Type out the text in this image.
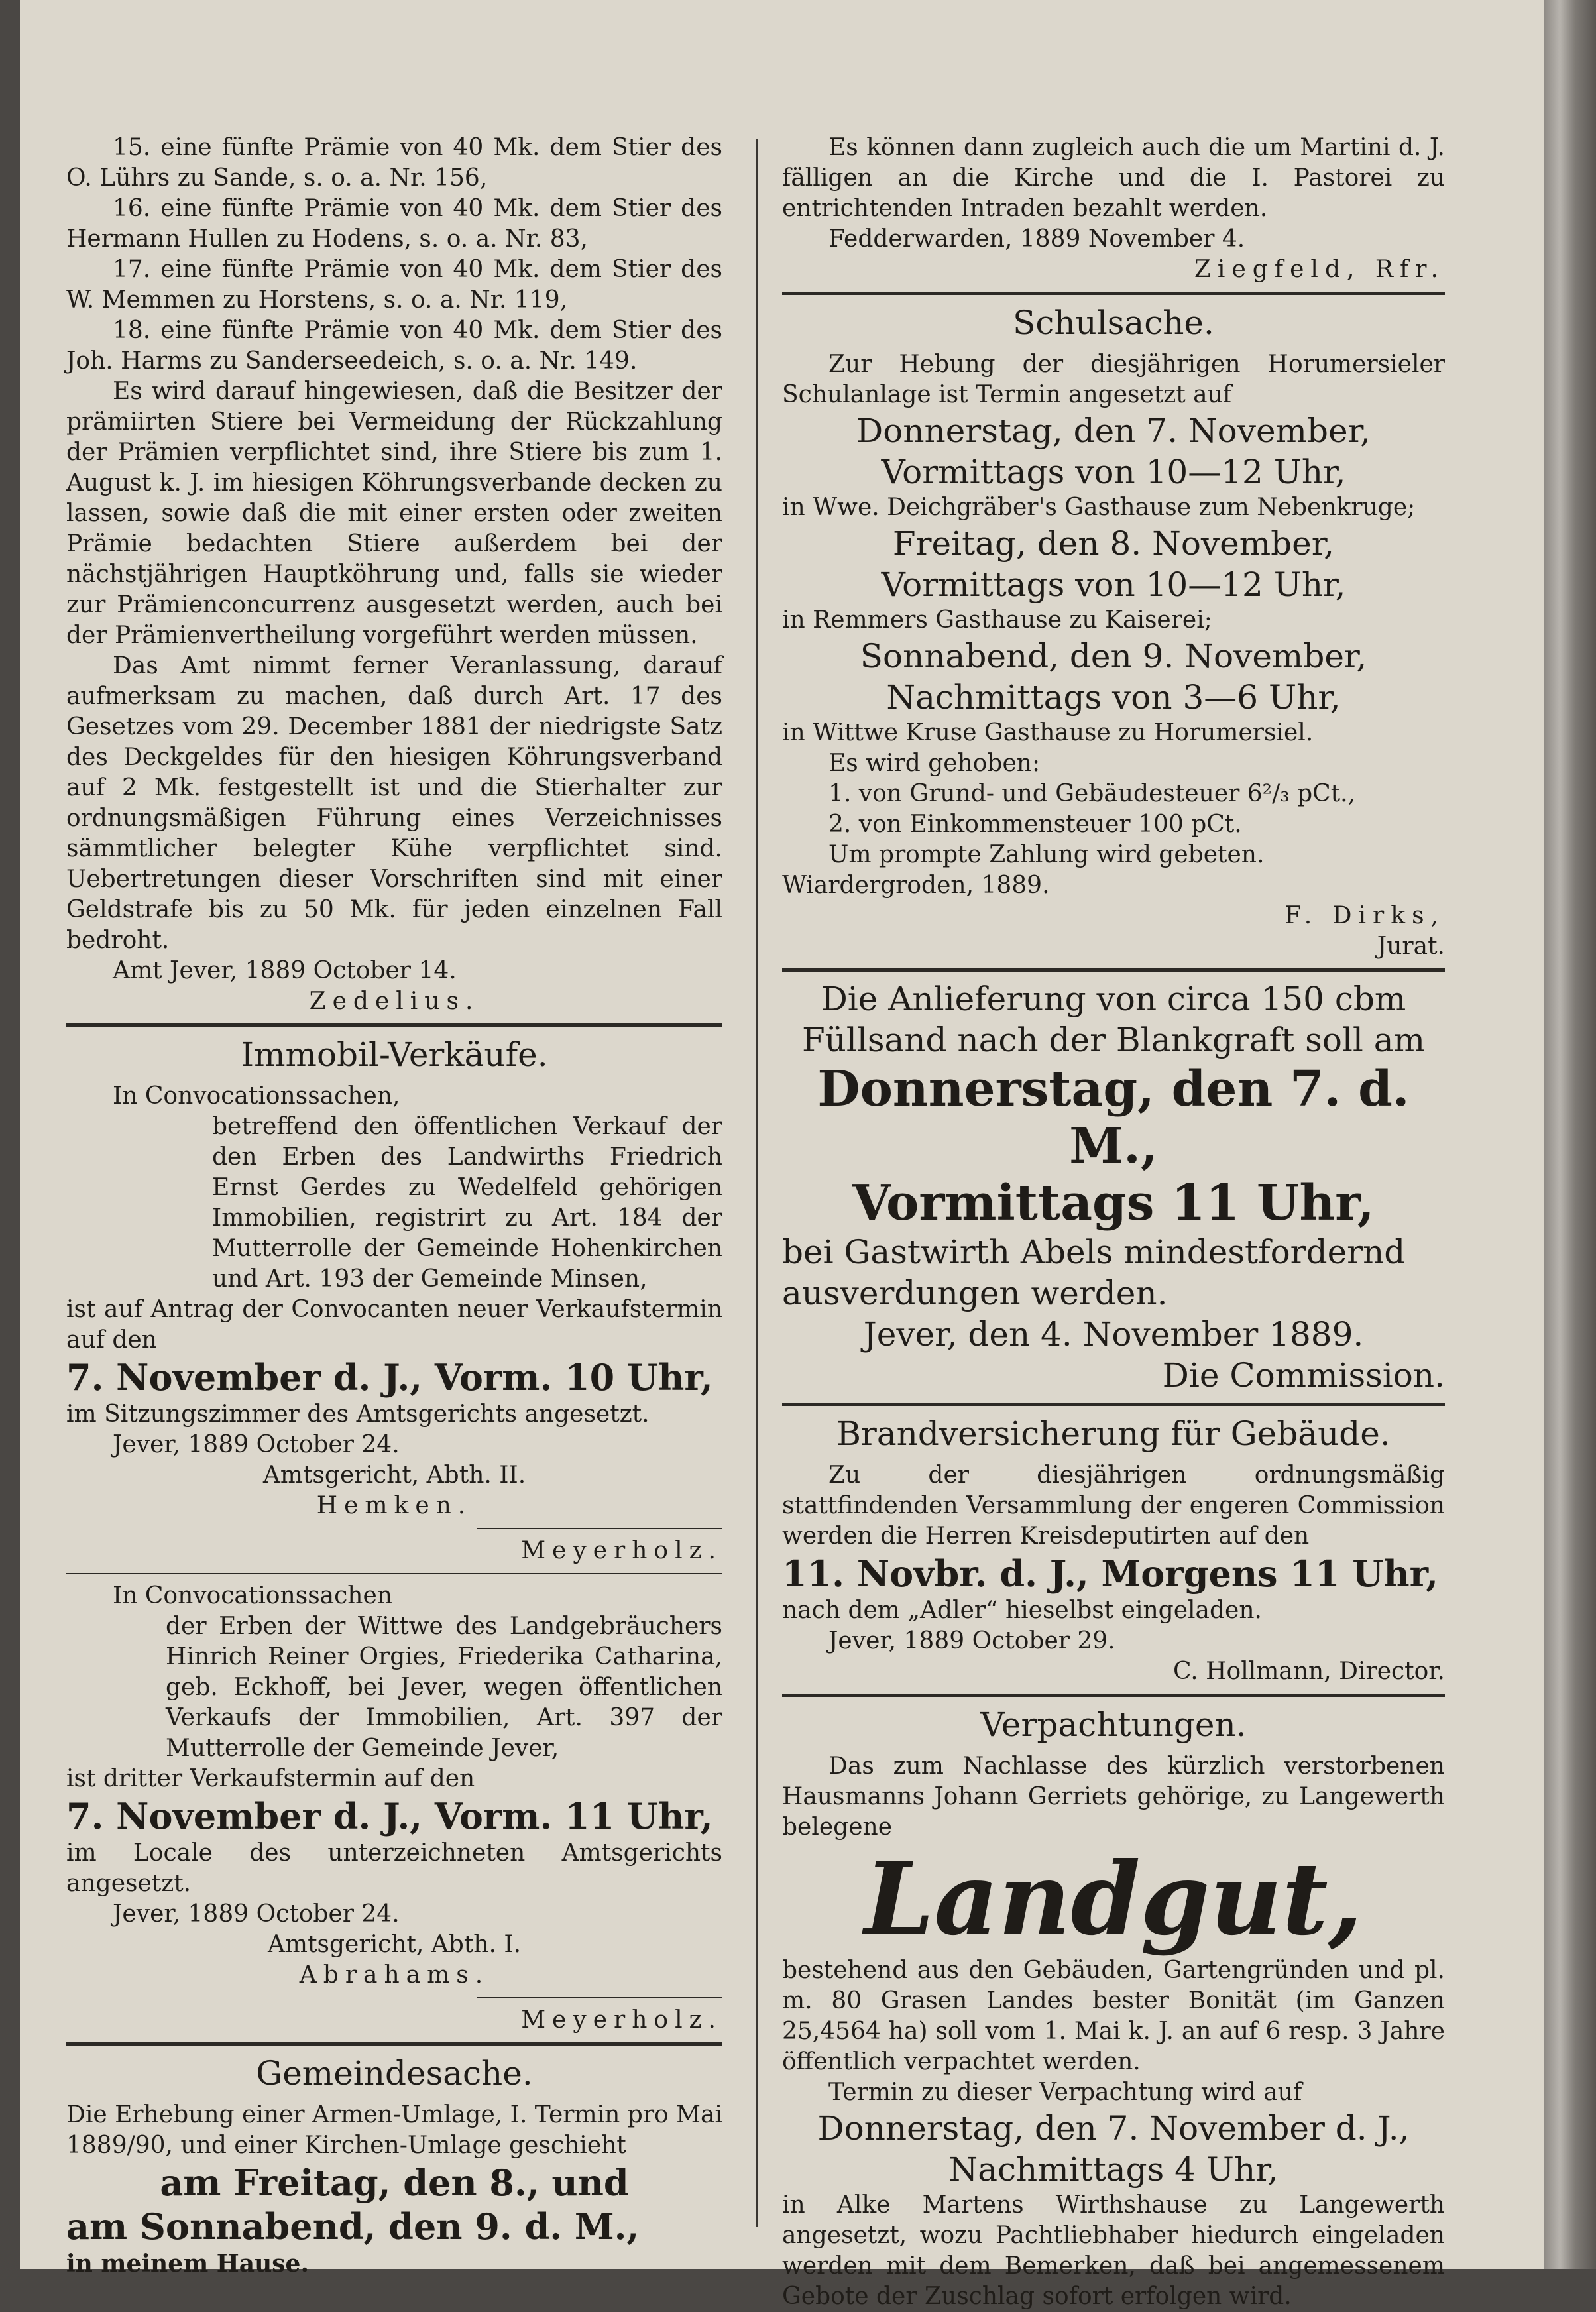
15. eine fünfte Prämie von 40 Mk. dem Stier des O. Lührs zu Sande, s. o. a. Nr. 156,

16. eine fünfte Prämie von 40 Mk. dem Stier des Hermann Hullen zu Hodens, s. o. a. Nr. 83,

17. eine fünfte Prämie von 40 Mk. dem Stier des W. Memmen zu Horstens, s. o. a. Nr. 119,

18. eine fünfte Prämie von 40 Mk. dem Stier des Joh. Harms zu Sanderseedeich, s. o. a. Nr. 149.

Es wird darauf hingewiesen, daß die Besitzer der prämiirten Stiere bei Vermeidung der Rückzahlung der Prämien verpflichtet sind, ihre Stiere bis zum 1. August k. J. im hiesigen Köhrungsverbande decken zu lassen, sowie daß die mit einer ersten oder zweiten Prämie bedachten Stiere außerdem bei der nächstjährigen Hauptköhrung und, falls sie wieder zur Prämienconcurrenz ausgesetzt werden, auch bei der Prämienvertheilung vorgeführt werden müssen.

Das Amt nimmt ferner Veranlassung, darauf aufmerksam zu machen, daß durch Art. 17 des Gesetzes vom 29. December 1881 der niedrigste Satz des Deckgeldes für den hiesigen Köhrungsverband auf 2 Mk. festgestellt ist und die Stierhalter zur ordnungsmäßigen Führung eines Verzeichnisses sämmtlicher belegter Kühe verpflichtet sind. Uebertretungen dieser Vorschriften sind mit einer Geldstrafe bis zu 50 Mk. für jeden einzelnen Fall bedroht.

Amt Jever, 1889 October 14.

Zedelius.

Immobil-Verkäufe.

In Convocationssachen,

betreffend den öffentlichen Verkauf der den Erben des Landwirths Friedrich Ernst Gerdes zu Wedelfeld gehörigen Immobilien, registrirt zu Art. 184 der Mutterrolle der Gemeinde Hohenkirchen und Art. 193 der Gemeinde Minsen,

ist auf Antrag der Convocanten neuer Verkaufstermin auf den

7. November d. J., Vorm. 10 Uhr,

im Sitzungszimmer des Amtsgerichts angesetzt.

Jever, 1889 October 24.

Amtsgericht, Abth. II.

Hemken.

Meyerholz.

In Convocationssachen

der Erben der Wittwe des Landgebräuchers Hinrich Reiner Orgies, Friederika Catharina, geb. Eckhoff, bei Jever, wegen öffentlichen Verkaufs der Immobilien, Art. 397 der Mutterrolle der Gemeinde Jever,

ist dritter Verkaufstermin auf den

7. November d. J., Vorm. 11 Uhr,

im Locale des unterzeichneten Amtsgerichts angesetzt.

Jever, 1889 October 24.

Amtsgericht, Abth. I.

Abrahams.

Meyerholz.

Gemeindesache.

Die Erhebung einer Armen-Umlage, I. Termin pro Mai 1889/90, und einer Kirchen-Umlage geschieht

am Freitag, den 8., und

am Sonnabend, den 9. d. M.,

in meinem Hause.

Es können dann zugleich auch die um Martini d. J. fälligen an die Kirche und die I. Pastorei zu entrichtenden Intraden bezahlt werden.

Fedderwarden, 1889 November 4.

Ziegfeld, Rfr.

Schulsache.

Zur Hebung der diesjährigen Horumersieler Schulanlage ist Termin angesetzt auf

Donnerstag, den 7. November,

Vormittags von 10—12 Uhr,

in Wwe. Deichgräber's Gasthause zum Nebenkruge;

Freitag, den 8. November,

Vormittags von 10—12 Uhr,

in Remmers Gasthause zu Kaiserei;

Sonnabend, den 9. November,

Nachmittags von 3—6 Uhr,

in Wittwe Kruse Gasthause zu Horumersiel.

Es wird gehoben:

1. von Grund- und Gebäudesteuer 6²/₃ pCt.,

2. von Einkommensteuer 100 pCt.

Um prompte Zahlung wird gebeten.

Wiardergroden, 1889.

F. Dirks,

Jurat.

Die Anlieferung von circa 150 cbm

Füllsand nach der Blankgraft soll am

Donnerstag, den 7. d. M.,

Vormittags 11 Uhr,

bei Gastwirth Abels mindestfordernd ausverdungen werden.

Jever, den 4. November 1889.

Die Commission.

Brandversicherung für Gebäude.

Zu der diesjährigen ordnungsmäßig stattfindenden Versammlung der engeren Commission werden die Herren Kreisdeputirten auf den

11. Novbr. d. J., Morgens 11 Uhr,

nach dem „Adler“ hieselbst eingeladen.

Jever, 1889 October 29.

C. Hollmann, Director.

Verpachtungen.

Das zum Nachlasse des kürzlich verstorbenen Hausmanns Johann Gerriets gehörige, zu Langewerth belegene

Landgut,

bestehend aus den Gebäuden, Gartengründen und pl. m. 80 Grasen Landes bester Bonität (im Ganzen 25,4564 ha) soll vom 1. Mai k. J. an auf 6 resp. 3 Jahre öffentlich verpachtet werden.

Termin zu dieser Verpachtung wird auf

Donnerstag, den 7. November d. J.,

Nachmittags 4 Uhr,

in Alke Martens Wirthshause zu Langewerth angesetzt, wozu Pachtliebhaber hiedurch eingeladen werden mit dem Bemerken, daß bei angemessenem Gebote der Zuschlag sofort erfolgen wird.
